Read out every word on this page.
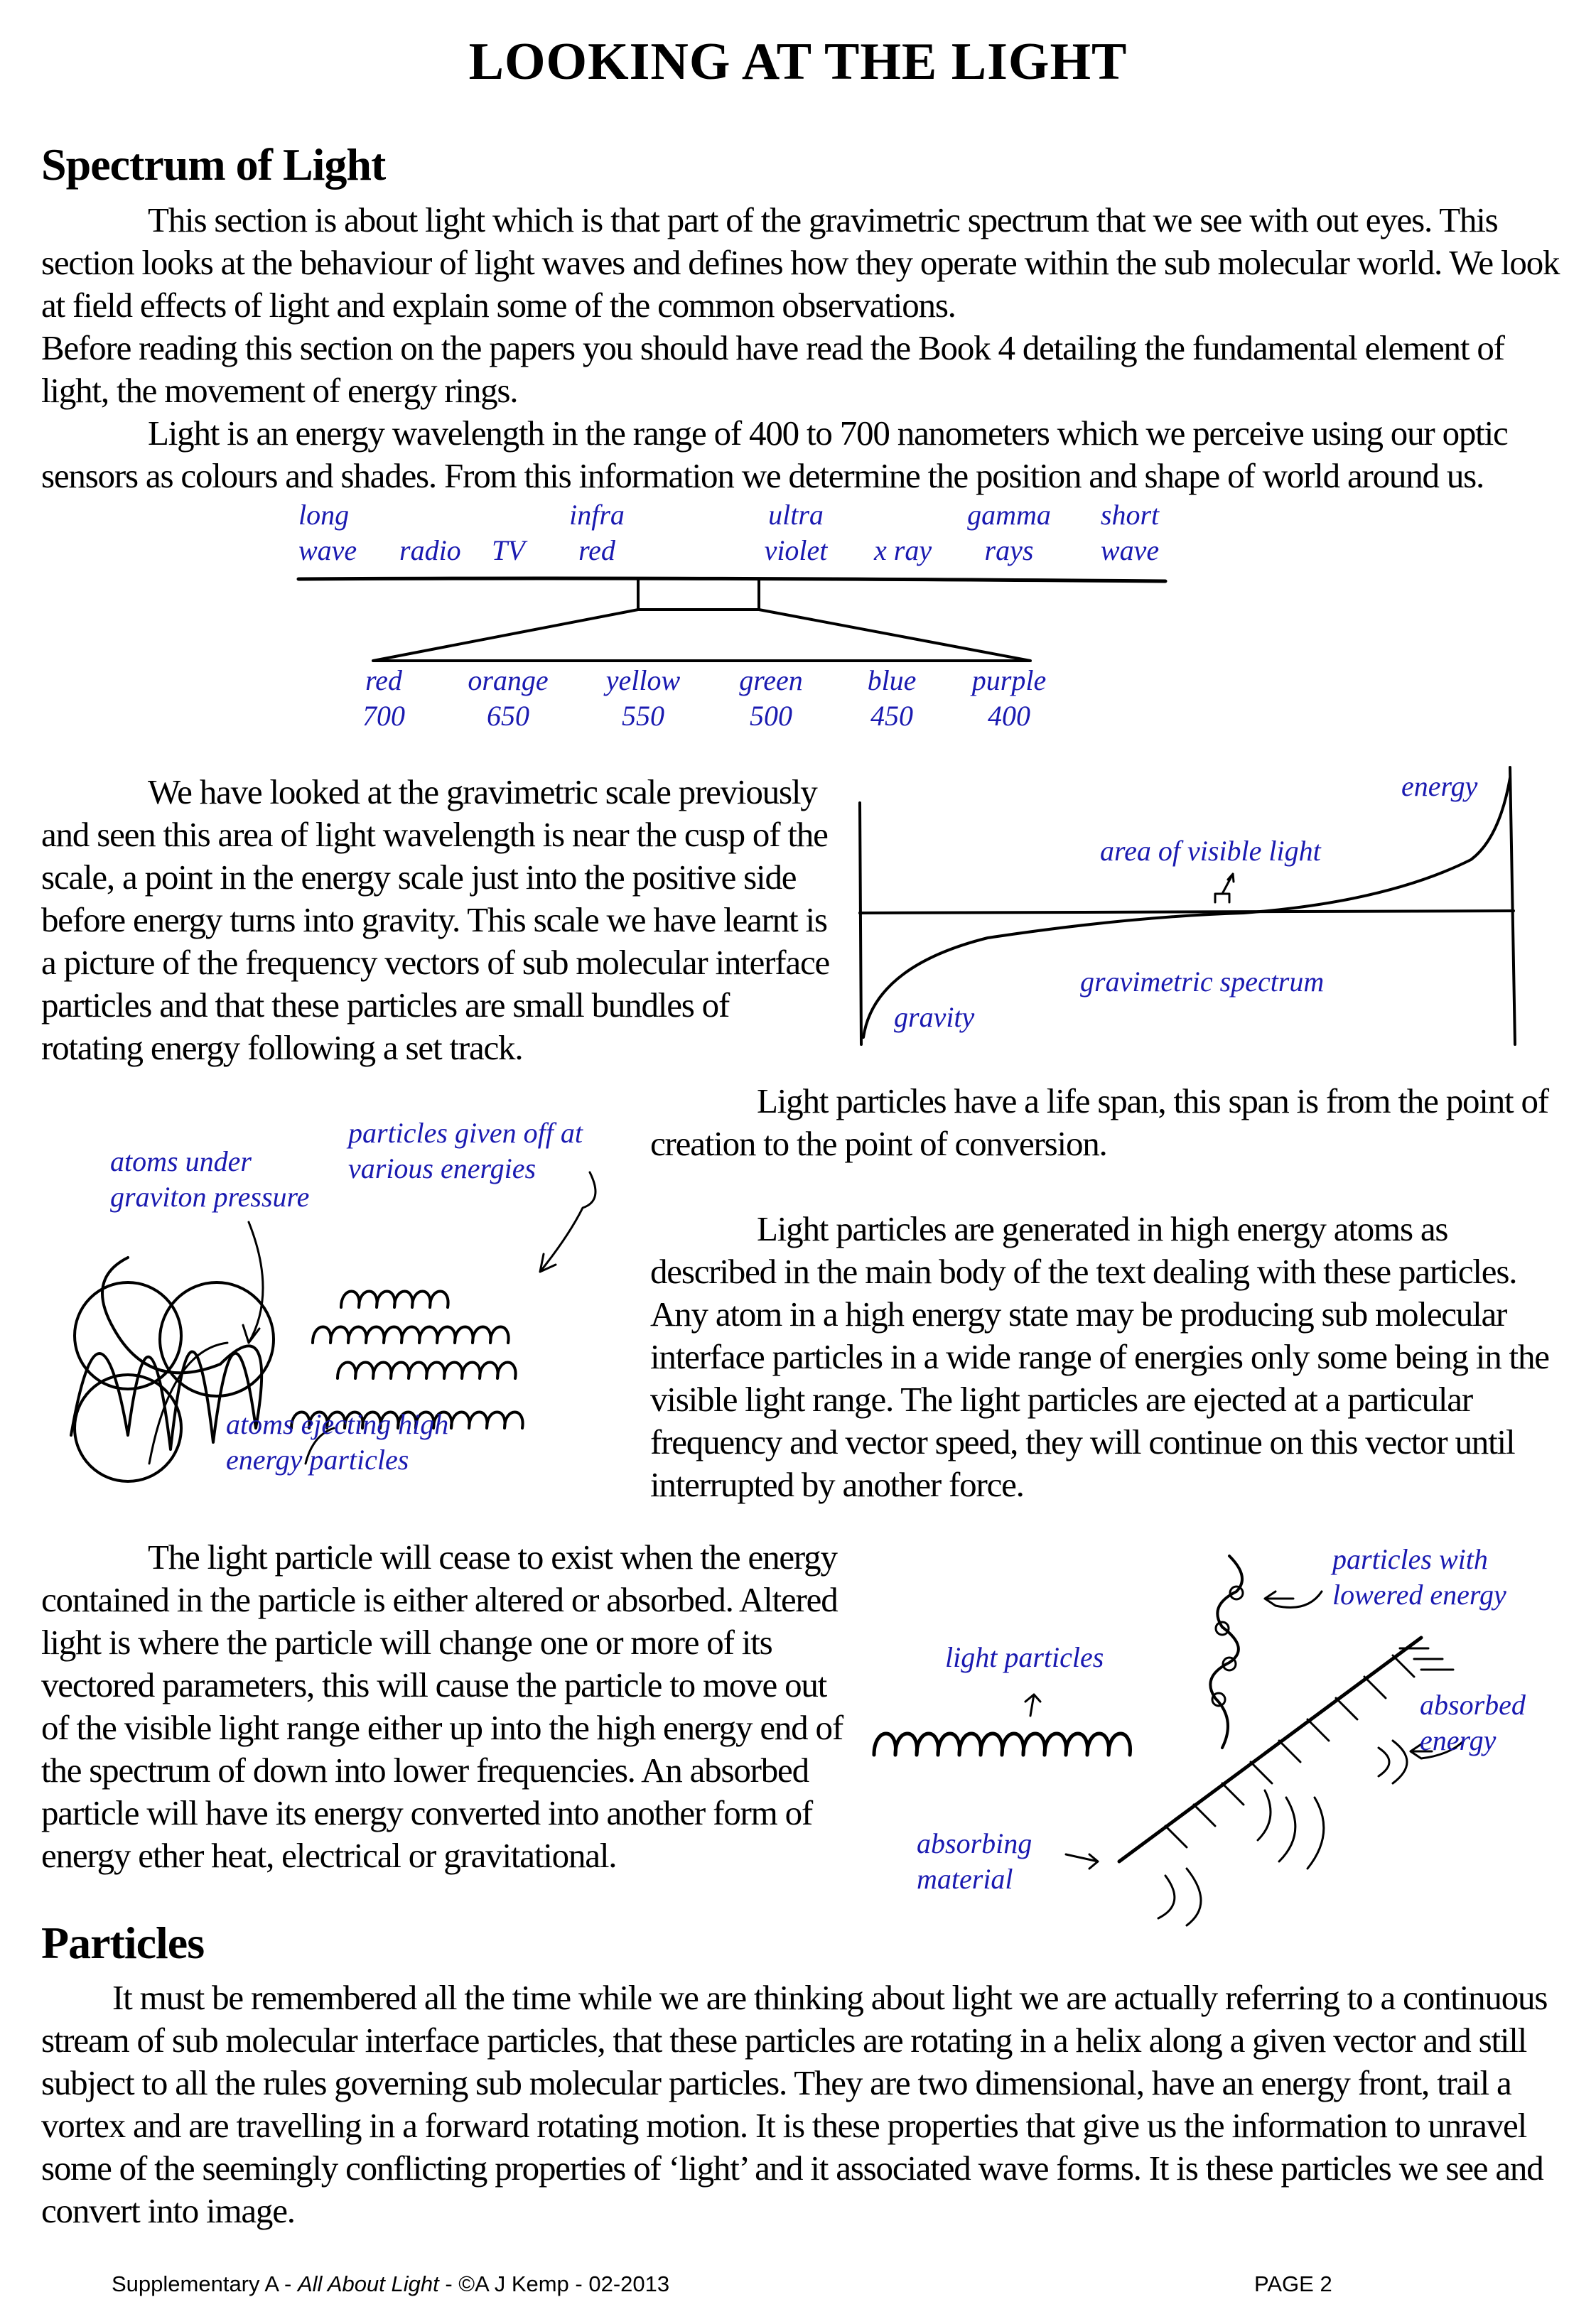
LOOKING AT THE LIGHT
Spectrum of Light

This section is about light which is that part of the gravimetric spectrum that we see with out eyes. This section looks at the behaviour of light waves and defines how they operate within the sub molecular world. We look at field effects of light and explain some of the common observations.

Before reading this section on the papers you should have read the Book 4 detailing the fundamental element of light, the movement of energy rings.

Light is an energy wavelength in the range of 400 to 700 nanometers which we perceive using our optic sensors as colours and shades. From this information we determine the position and shape of world around us.

long
wave radio TV
infra
red
ultra
violet	x ray
gamma
rays
short
wave
red
700
orange
650
yellow
550
green
500
blue
450
purple
400

We have looked at the gravimetric scale previously and seen this area of light wavelength is near the cusp of the scale, a point in the energy scale just into the positive side before energy turns into gravity. This scale we have learnt is a picture of the frequency vectors of sub molecular interface particles and that these particles are small bundles of rotating energy following a set track.

energy
area of visible light
gravimetric spectrum
gravity
atoms under
graviton pressure
particles given off at
various energies
atoms ejecting high
energy particles

Light particles have a life span, this span is from the point of creation to the point of conversion.

Light particles are generated in high energy atoms as described in the main body of the text dealing with these particles. Any atom in a high energy state may be producing sub molecular interface particles in a wide range of energies only some being in the visible light range. The light particles are ejected at a particular frequency and vector speed, they will continue on this vector until interrupted by another force.

The light particle will cease to exist when the energy contained in the particle is either altered or absorbed. Altered light is where the particle will change one or more of its vectored parameters, this will cause the particle to move out of the visible light range either up into the high energy end of the spectrum of down into lower frequencies. An absorbed particle will have its energy converted into another form of energy ether heat, electrical or gravitational.

particles with
lowered energy
light particles
absorbed
energy
absorbing
material
Particles

It must be remembered all the time while we are thinking about light we are actually referring to a continuous stream of sub molecular interface particles, that these particles are rotating in a helix along a given vector and still subject to all the rules governing sub molecular particles. They are two dimensional, have an energy front, trail a vortex and are travelling in a forward rotating motion. It is these properties that give us the information to unravel some of the seemingly conflicting properties of ‘light’ and it associated wave forms. It is these particles we see and convert into image.

Supplementary A - All About Light - ©A J Kemp - 02-2013	PAGE 2
